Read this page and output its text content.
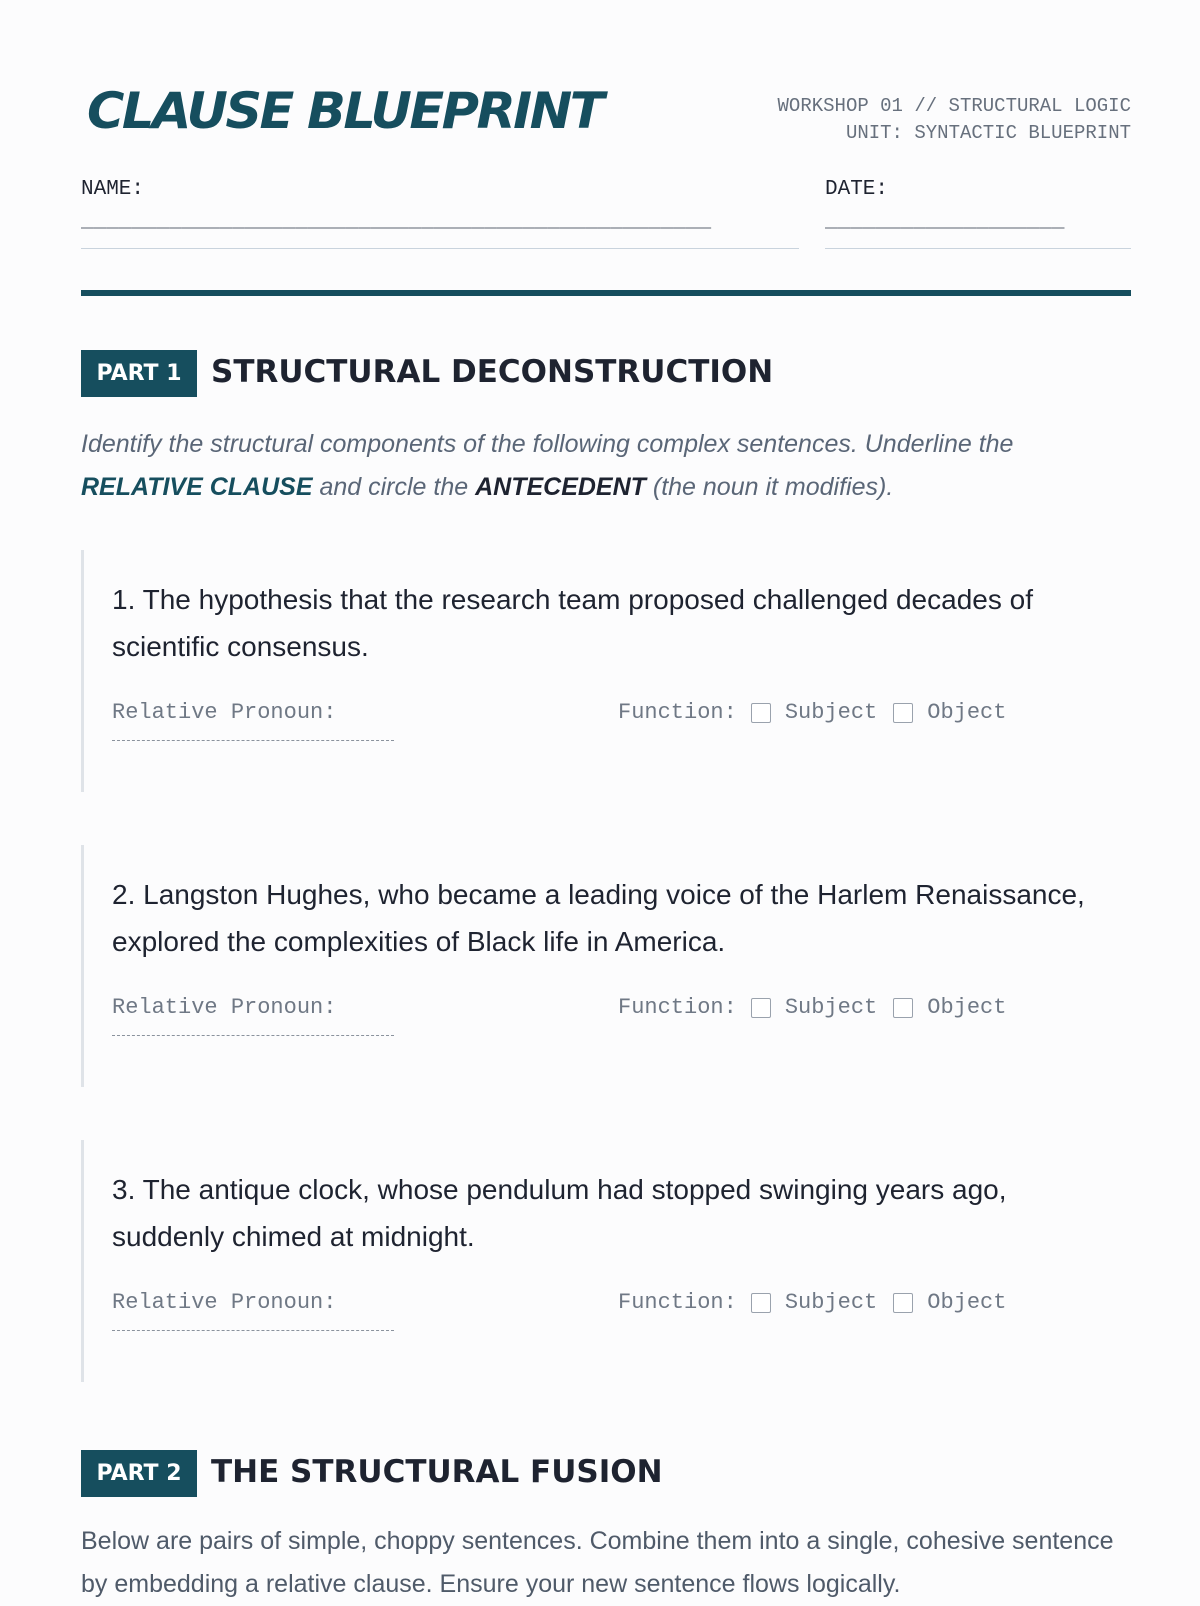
CLAUSE BLUEPRINT	WORKSHOP 01 // STRUCTURAL LOGIC
UNIT: SYNTACTIC BLUEPRINT
NAME:
__________________________________________________
DATE:
___________________
PART 1 STRUCTURAL DECONSTRUCTION
Identify the structural components of the following complex sentences. Underline the RELATIVE CLAUSE and circle the ANTECEDENT (the noun it modifies).
1. The hypothesis that the research team proposed challenged decades of scientific consensus.
Relative Pronoun:	Function: Subject Object
2. Langston Hughes, who became a leading voice of the Harlem Renaissance, explored the complexities of Black life in America.
Relative Pronoun:	Function: Subject Object
3. The antique clock, whose pendulum had stopped swinging years ago, suddenly chimed at midnight.
Relative Pronoun:	Function: Subject Object
PART 2 THE STRUCTURAL FUSION
Below are pairs of simple, choppy sentences. Combine them into a single, cohesive sentence by embedding a relative clause. Ensure your new sentence flows logically.
